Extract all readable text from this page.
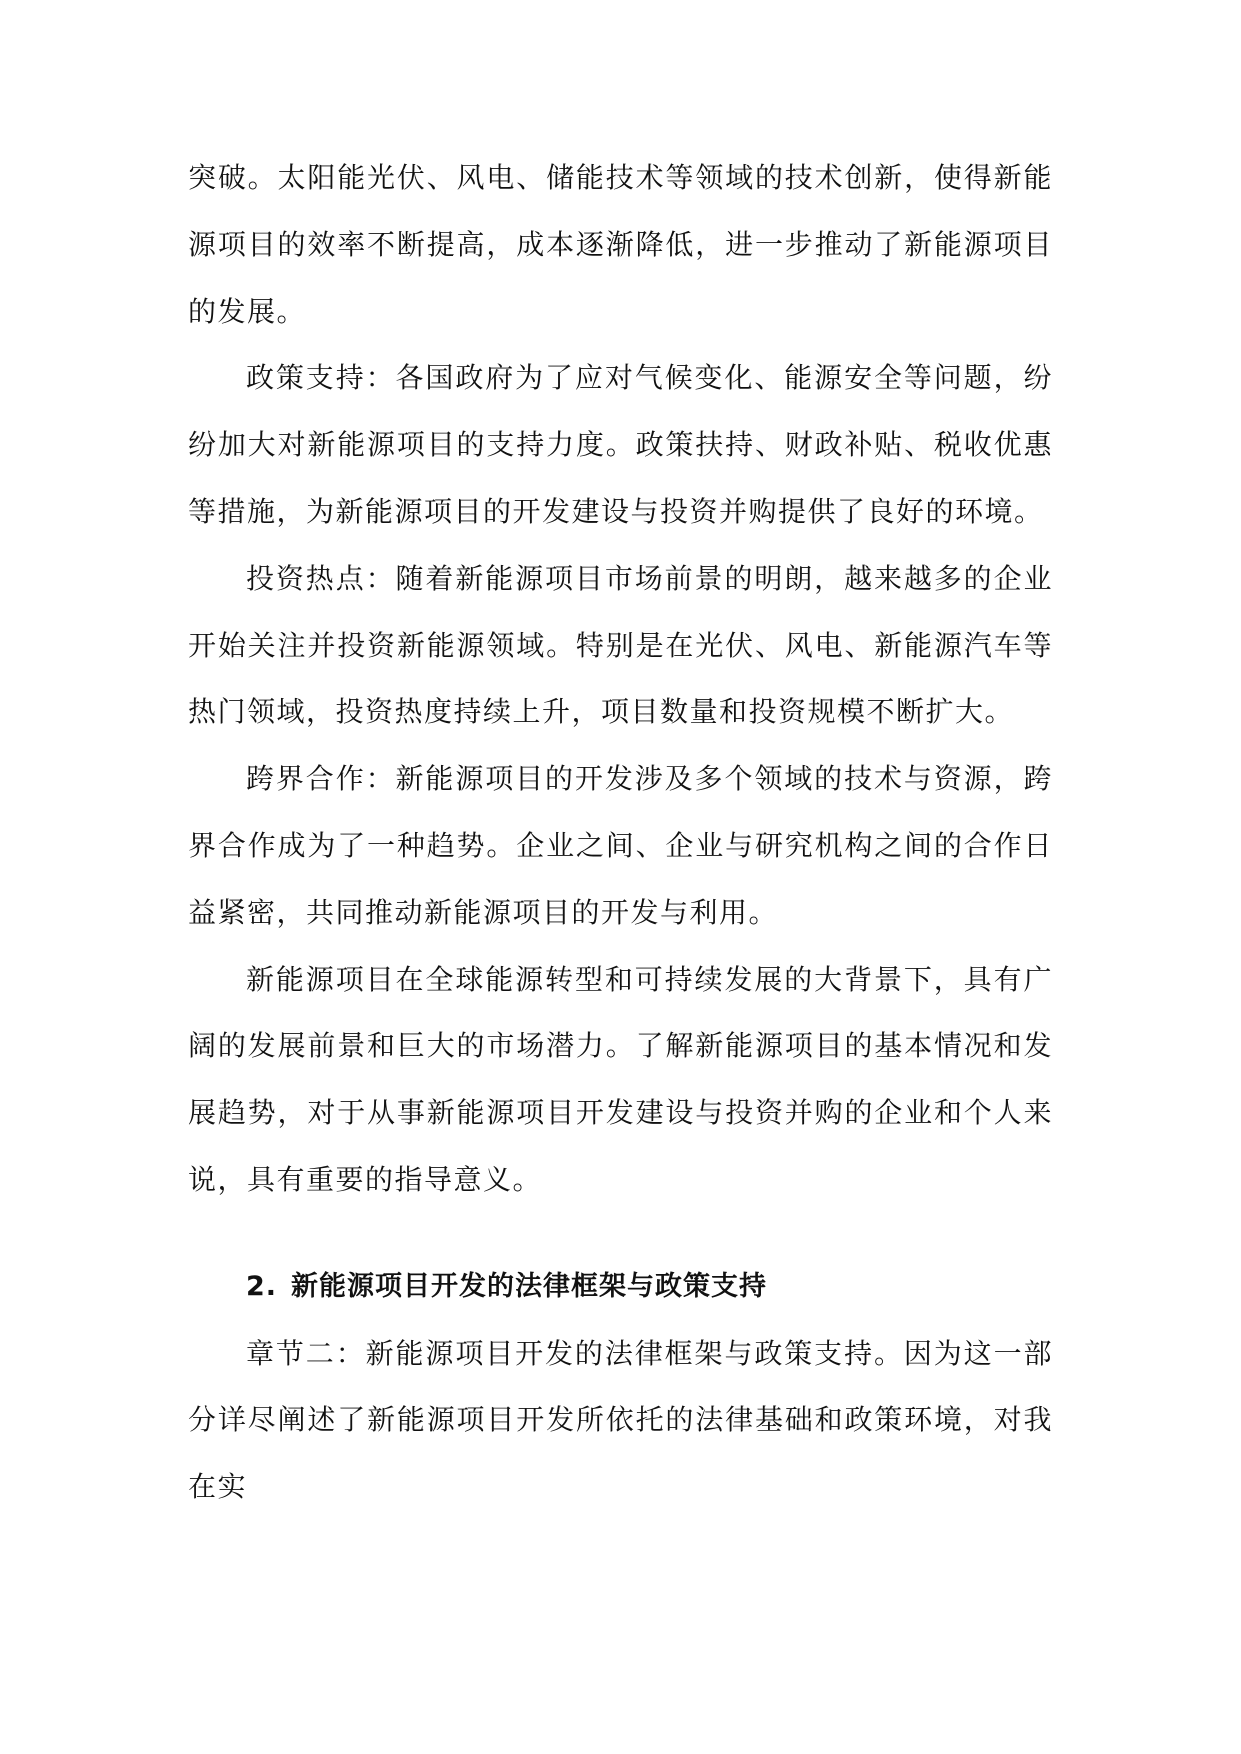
突破。太阳能光伏、风电、储能技术等领域的技术创新，使得新能源项目的效率不断提高，成本逐渐降低，进一步推动了新能源项目的发展。

政策支持：各国政府为了应对气候变化、能源安全等问题，纷纷加大对新能源项目的支持力度。政策扶持、财政补贴、税收优惠等措施，为新能源项目的开发建设与投资并购提供了良好的环境。

投资热点：随着新能源项目市场前景的明朗，越来越多的企业开始关注并投资新能源领域。特别是在光伏、风电、新能源汽车等热门领域，投资热度持续上升，项目数量和投资规模不断扩大。

跨界合作：新能源项目的开发涉及多个领域的技术与资源，跨界合作成为了一种趋势。企业之间、企业与研究机构之间的合作日益紧密，共同推动新能源项目的开发与利用。

新能源项目在全球能源转型和可持续发展的大背景下，具有广阔的发展前景和巨大的市场潜力。了解新能源项目的基本情况和发展趋势，对于从事新能源项目开发建设与投资并购的企业和个人来说，具有重要的指导意义。

2. 新能源项目开发的法律框架与政策支持

章节二：新能源项目开发的法律框架与政策支持。因为这一部分详尽阐述了新能源项目开发所依托的法律基础和政策环境，对我在实
